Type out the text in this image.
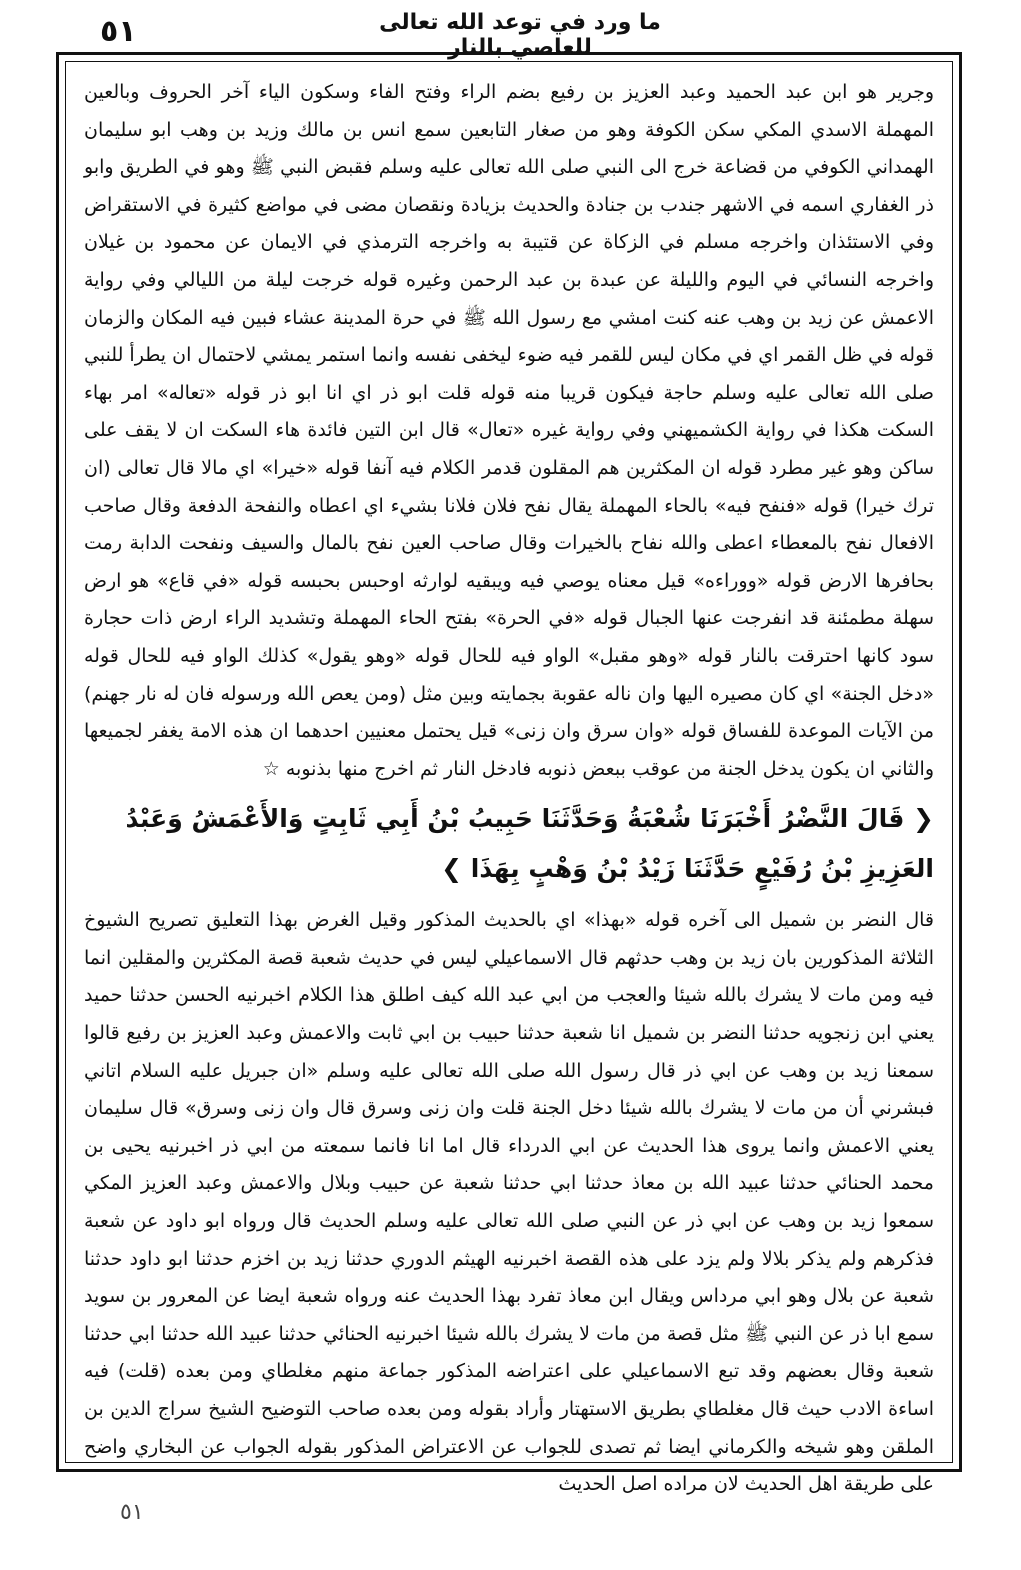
٥١	ما ورد في توعد الله تعالى للعاصي بالنار

وجرير هو ابن عبد الحميد وعبد العزيز بن رفيع بضم الراء وفتح الفاء وسكون الياء آخر الحروف وبالعين المهملة الاسدي المكي سكن الكوفة وهو من صغار التابعين سمع انس بن مالك وزيد بن وهب ابو سليمان الهمداني الكوفي من قضاعة خرج الى النبي صلى الله تعالى عليه وسلم فقبض النبي ﷺ وهو في الطريق وابو ذر الغفاري اسمه في الاشهر جندب بن جنادة والحديث بزيادة ونقصان مضى في مواضع كثيرة في الاستقراض وفي الاستئذان واخرجه مسلم في الزكاة عن قتيبة به واخرجه الترمذي في الايمان عن محمود بن غيلان واخرجه النسائي في اليوم والليلة عن عبدة بن عبد الرحمن وغيره قوله خرجت ليلة من الليالي وفي رواية الاعمش عن زيد بن وهب عنه كنت امشي مع رسول الله ﷺ في حرة المدينة عشاء فبين فيه المكان والزمان قوله في ظل القمر اي في مكان ليس للقمر فيه ضوء ليخفى نفسه وانما استمر يمشي لاحتمال ان يطرأ للنبي صلى الله تعالى عليه وسلم حاجة فيكون قريبا منه قوله قلت ابو ذر اي انا ابو ذر قوله «تعاله» امر بهاء السكت هكذا في رواية الكشميهني وفي رواية غيره «تعال» قال ابن التين فائدة هاء السكت ان لا يقف على ساكن وهو غير مطرد قوله ان المكثرين هم المقلون قدمر الكلام فيه آنفا قوله «خيرا» اي مالا قال تعالى (ان ترك خيرا) قوله «فنفح فيه» بالحاء المهملة يقال نفح فلان فلانا بشيء اي اعطاه والنفحة الدفعة وقال صاحب الافعال نفح بالمعطاء اعطى والله نفاح بالخيرات وقال صاحب العين نفح بالمال والسيف ونفحت الدابة رمت بحافرها الارض قوله «ووراءه» قيل معناه يوصي فيه ويبقيه لوارثه اوحبس بحبسه قوله «في قاع» هو ارض سهلة مطمئنة قد انفرجت عنها الجبال قوله «في الحرة» بفتح الحاء المهملة وتشديد الراء ارض ذات حجارة سود كانها احترقت بالنار قوله «وهو مقبل» الواو فيه للحال قوله «وهو يقول» كذلك الواو فيه للحال قوله «دخل الجنة» اي كان مصيره اليها وان ناله عقوبة بجمايته وبين مثل (ومن يعص الله ورسوله فان له نار جهنم) من الآيات الموعدة للفساق قوله «وان سرق وان زنى» قيل يحتمل معنيين احدهما ان هذه الامة يغفر لجميعها والثاني ان يكون يدخل الجنة من عوقب ببعض ذنوبه فادخل النار ثم اخرج منها بذنوبه ☆

❮ قَالَ النَّضْرُ أَخْبَرَنَا شُعْبَةُ وَحَدَّثَنَا حَبِيبُ بْنُ أَبِي ثَابِتٍ وَالأَعْمَشُ وَعَبْدُ العَزِيزِ بْنُ رُفَيْعٍ حَدَّثَنَا زَيْدُ بْنُ وَهْبٍ بِهَذَا ❯

قال النضر بن شميل الى آخره قوله «بهذا» اي بالحديث المذكور وقيل الغرض بهذا التعليق تصريح الشيوخ الثلاثة المذكورين بان زيد بن وهب حدثهم قال الاسماعيلي ليس في حديث شعبة قصة المكثرين والمقلين انما فيه ومن مات لا يشرك بالله شيئا والعجب من ابي عبد الله كيف اطلق هذا الكلام اخبرنيه الحسن حدثنا حميد يعني ابن زنجويه حدثنا النضر بن شميل انا شعبة حدثنا حبيب بن ابي ثابت والاعمش وعبد العزيز بن رفيع قالوا سمعنا زيد بن وهب عن ابي ذر قال رسول الله صلى الله تعالى عليه وسلم «ان جبريل عليه السلام اتاني فبشرني أن من مات لا يشرك بالله شيئا دخل الجنة قلت وان زنى وسرق قال وان زنى وسرق» قال سليمان يعني الاعمش وانما يروى هذا الحديث عن ابي الدرداء قال اما انا فانما سمعته من ابي ذر اخبرنيه يحيى بن محمد الحنائي حدثنا عبيد الله بن معاذ حدثنا ابي حدثنا شعبة عن حبيب وبلال والاعمش وعبد العزيز المكي سمعوا زيد بن وهب عن ابي ذر عن النبي صلى الله تعالى عليه وسلم الحديث قال ورواه ابو داود عن شعبة فذكرهم ولم يذكر بلالا ولم يزد على هذه القصة اخبرنيه الهيثم الدوري حدثنا زيد بن اخزم حدثنا ابو داود حدثنا شعبة عن بلال وهو ابي مرداس ويقال ابن معاذ تفرد بهذا الحديث عنه ورواه شعبة ايضا عن المعرور بن سويد سمع ابا ذر عن النبي ﷺ مثل قصة من مات لا يشرك بالله شيئا اخبرنيه الحنائي حدثنا عبيد الله حدثنا ابي حدثنا شعبة وقال بعضهم وقد تبع الاسماعيلي على اعتراضه المذكور جماعة منهم مغلطاي ومن بعده (قلت) فيه اساءة الادب حيث قال مغلطاي بطريق الاستهتار وأراد بقوله ومن بعده صاحب التوضيح الشيخ سراج الدين بن الملقن وهو شيخه والكرماني ايضا ثم تصدى للجواب عن الاعتراض المذكور بقوله الجواب عن البخاري واضح على طريقة اهل الحديث لان مراده اصل الحديث

٥١
